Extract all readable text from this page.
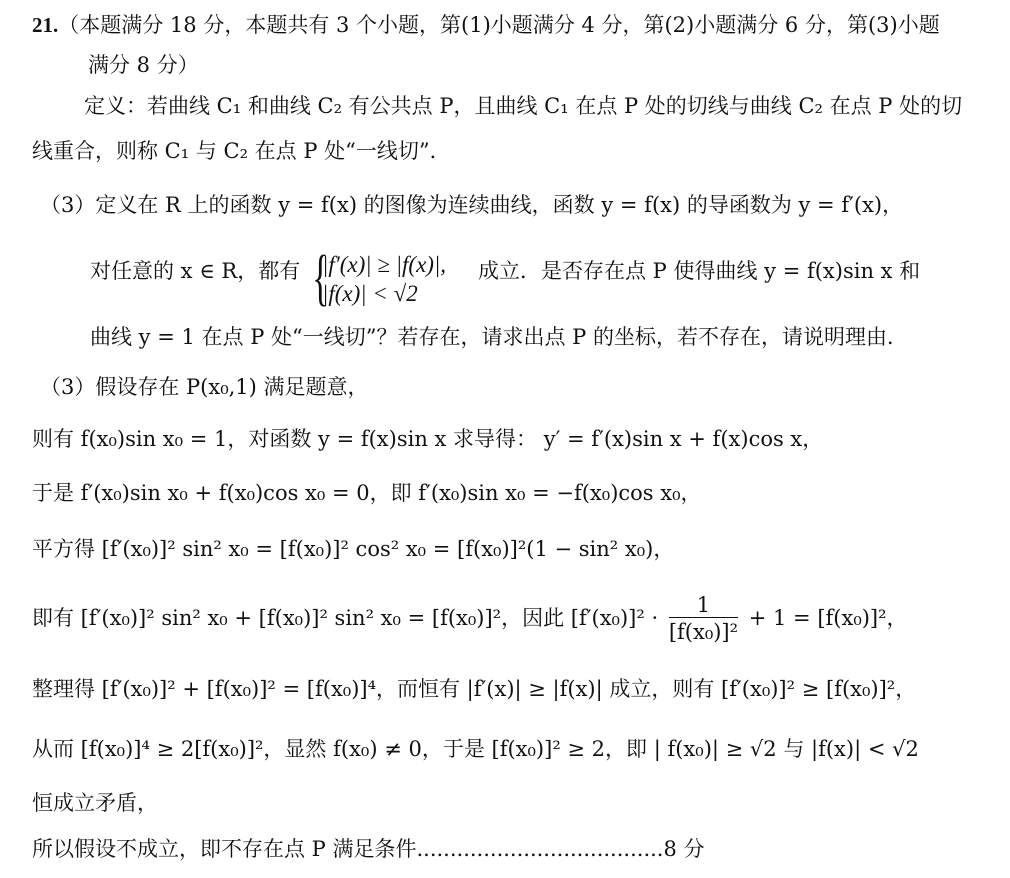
21.（本题满分 18 分，本题共有 3 个小题，第(1)小题满分 4 分，第(2)小题满分 6 分，第(3)小题
满分 8 分）
定义：若曲线 C₁ 和曲线 C₂ 有公共点 P，且曲线 C₁ 在点 P 处的切线与曲线 C₂ 在点 P 处的切
线重合，则称 C₁ 与 C₂ 在点 P 处“一线切”．
（3）定义在 R 上的函数 y = f(x) 的图像为连续曲线，函数 y = f(x) 的导函数为 y = f′(x)，
对任意的 x ∈ R，都有 {
|f′(x)| ≥ |f(x)|,
|f(x)| < √2
成立．是否存在点 P 使得曲线 y = f(x)sin x 和
曲线 y = 1 在点 P 处“一线切”？若存在，请求出点 P 的坐标，若不存在，请说明理由．
（3）假设存在 P(x₀,1) 满足题意，
则有 f(x₀)sin x₀ = 1，对函数 y = f(x)sin x 求导得： y′ = f′(x)sin x + f(x)cos x，
于是 f′(x₀)sin x₀ + f(x₀)cos x₀ = 0，即 f′(x₀)sin x₀ = −f(x₀)cos x₀，
平方得 [f′(x₀)]² sin² x₀ = [f(x₀)]² cos² x₀ = [f(x₀)]²(1 − sin² x₀)，
即有 [f′(x₀)]² sin² x₀ + [f(x₀)]² sin² x₀ = [f(x₀)]²，因此 $[f'(x_0)]^2 \cdot \frac{1}{\text{[f(x₀)]²}} + 1 = [f(x_0)]^2$，
整理得 [f′(x₀)]² + [f(x₀)]² = [f(x₀)]⁴，而恒有 |f′(x)| ≥ |f(x)| 成立，则有 [f′(x₀)]² ≥ [f(x₀)]²，
从而 [f(x₀)]⁴ ≥ 2[f(x₀)]²，显然 f(x₀) ≠ 0，于是 [f(x₀)]² ≥ 2，即 | f(x₀)| ≥ √2 与 |f(x)| < √2
恒成立矛盾，
所以假设不成立，即不存在点 P 满足条件.....................................8 分
